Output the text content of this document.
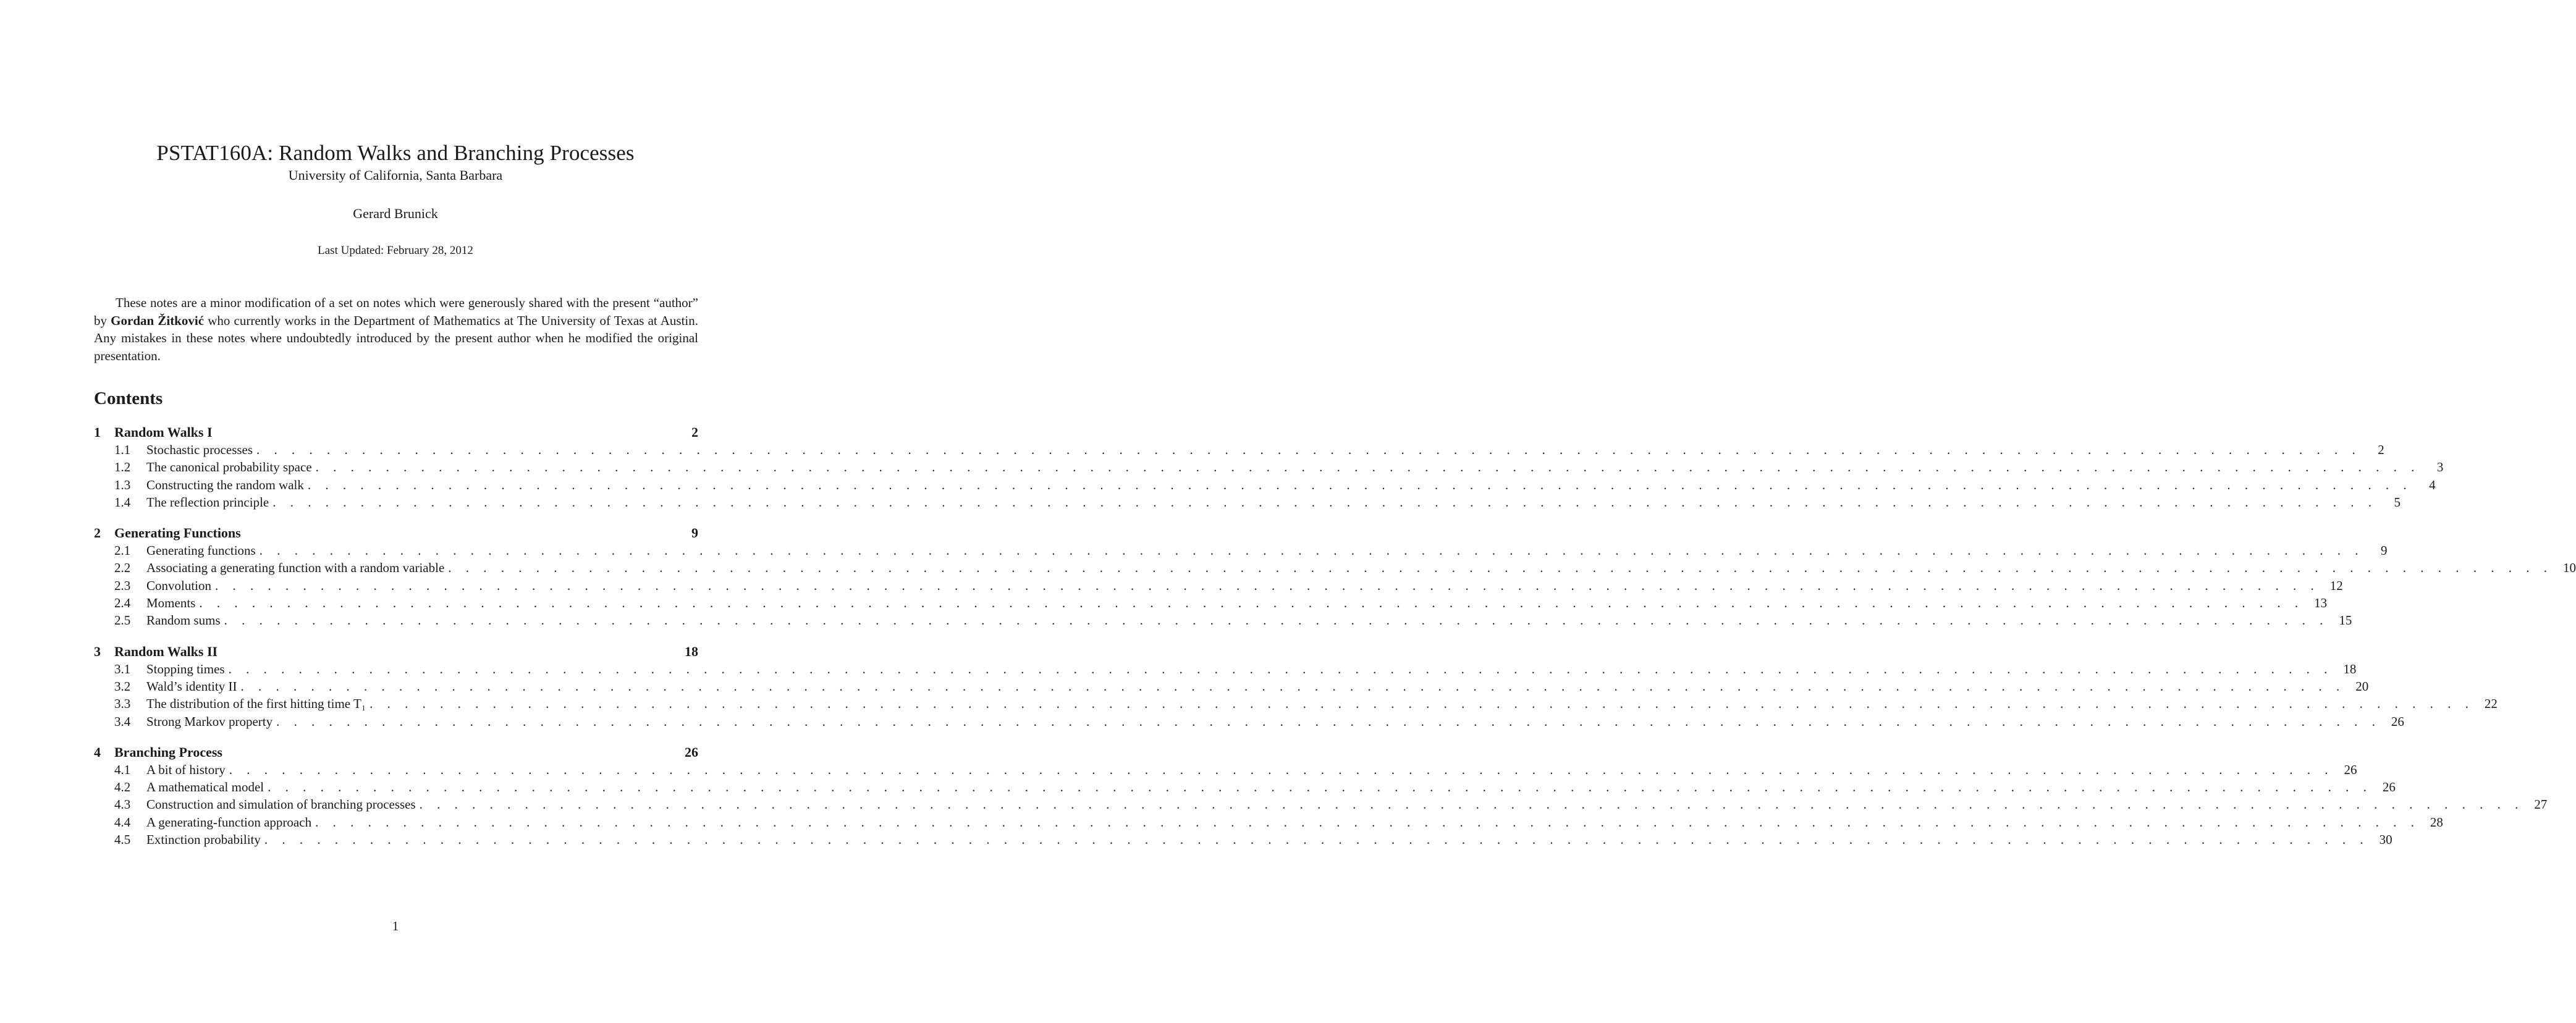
PSTAT160A: Random Walks and Branching Processes
University of California, Santa Barbara
Gerard Brunick
Last Updated: February 28, 2012

These notes are a minor modification of a set on notes which were generously shared with the present “author” by Gordan Žitković who currently works in the Department of Mathematics at The University of Texas at Austin. Any mistakes in these notes where undoubtedly introduced by the present author when he modified the original presentation.

Contents
1	Random Walks I	2
1.1	Stochastic processes . . . . . . . . . . . . . . . . . . . . . . . . . . . . . . . . . . . . . . . . . . . . . . . . . . . . . . . . . . . . . . . . . . . . . . . . . . . . . . . . . . . . . . . . . . . . . . . . . . . . . . . . . . . . . . . . . . . . . . . .	2
1.2	The canonical probability space . . . . . . . . . . . . . . . . . . . . . . . . . . . . . . . . . . . . . . . . . . . . . . . . . . . . . . . . . . . . . . . . . . . . . . . . . . . . . . . . . . . . . . . . . . . . . . . . . . . . . . . . . . . . . . . . . . . . . . . .	3
1.3	Constructing the random walk . . . . . . . . . . . . . . . . . . . . . . . . . . . . . . . . . . . . . . . . . . . . . . . . . . . . . . . . . . . . . . . . . . . . . . . . . . . . . . . . . . . . . . . . . . . . . . . . . . . . . . . . . . . . . . . . . . . . . . . .	4
1.4	The reflection principle . . . . . . . . . . . . . . . . . . . . . . . . . . . . . . . . . . . . . . . . . . . . . . . . . . . . . . . . . . . . . . . . . . . . . . . . . . . . . . . . . . . . . . . . . . . . . . . . . . . . . . . . . . . . . . . . . . . . . . . .	5
2	Generating Functions	9
2.1	Generating functions . . . . . . . . . . . . . . . . . . . . . . . . . . . . . . . . . . . . . . . . . . . . . . . . . . . . . . . . . . . . . . . . . . . . . . . . . . . . . . . . . . . . . . . . . . . . . . . . . . . . . . . . . . . . . . . . . . . . . . . .	9
2.2	Associating a generating function with a random variable . . . . . . . . . . . . . . . . . . . . . . . . . . . . . . . . . . . . . . . . . . . . . . . . . . . . . . . . . . . . . . . . . . . . . . . . . . . . . . . . . . . . . . . . . . . . . . . . . . . . . . . . . . . . . . . . . . . . . . . . 10
2.3	Convolution . . . . . . . . . . . . . . . . . . . . . . . . . . . . . . . . . . . . . . . . . . . . . . . . . . . . . . . . . . . . . . . . . . . . . . . . . . . . . . . . . . . . . . . . . . . . . . . . . . . . . . . . . . . . . . . . . . . . . . . . 12
2.4	Moments . . . . . . . . . . . . . . . . . . . . . . . . . . . . . . . . . . . . . . . . . . . . . . . . . . . . . . . . . . . . . . . . . . . . . . . . . . . . . . . . . . . . . . . . . . . . . . . . . . . . . . . . . . . . . . . . . . . . . . . . 13
2.5	Random sums . . . . . . . . . . . . . . . . . . . . . . . . . . . . . . . . . . . . . . . . . . . . . . . . . . . . . . . . . . . . . . . . . . . . . . . . . . . . . . . . . . . . . . . . . . . . . . . . . . . . . . . . . . . . . . . . . . . . . . . . 15
3	Random Walks II	18
3.1	Stopping times . . . . . . . . . . . . . . . . . . . . . . . . . . . . . . . . . . . . . . . . . . . . . . . . . . . . . . . . . . . . . . . . . . . . . . . . . . . . . . . . . . . . . . . . . . . . . . . . . . . . . . . . . . . . . . . . . . . . . . . . 18
3.2	Wald’s identity II . . . . . . . . . . . . . . . . . . . . . . . . . . . . . . . . . . . . . . . . . . . . . . . . . . . . . . . . . . . . . . . . . . . . . . . . . . . . . . . . . . . . . . . . . . . . . . . . . . . . . . . . . . . . . . . . . . . . . . . . 20
3.3	The distribution of the first hitting time T₁ . . . . . . . . . . . . . . . . . . . . . . . . . . . . . . . . . . . . . . . . . . . . . . . . . . . . . . . . . . . . . . . . . . . . . . . . . . . . . . . . . . . . . . . . . . . . . . . . . . . . . . . . . . . . . . . . . . . . . . . . 22
3.4	Strong Markov property . . . . . . . . . . . . . . . . . . . . . . . . . . . . . . . . . . . . . . . . . . . . . . . . . . . . . . . . . . . . . . . . . . . . . . . . . . . . . . . . . . . . . . . . . . . . . . . . . . . . . . . . . . . . . . . . . . . . . . . . 26
4	Branching Process	26
4.1	A bit of history . . . . . . . . . . . . . . . . . . . . . . . . . . . . . . . . . . . . . . . . . . . . . . . . . . . . . . . . . . . . . . . . . . . . . . . . . . . . . . . . . . . . . . . . . . . . . . . . . . . . . . . . . . . . . . . . . . . . . . . . 26
4.2	A mathematical model . . . . . . . . . . . . . . . . . . . . . . . . . . . . . . . . . . . . . . . . . . . . . . . . . . . . . . . . . . . . . . . . . . . . . . . . . . . . . . . . . . . . . . . . . . . . . . . . . . . . . . . . . . . . . . . . . . . . . . . . 26
4.3	Construction and simulation of branching processes . . . . . . . . . . . . . . . . . . . . . . . . . . . . . . . . . . . . . . . . . . . . . . . . . . . . . . . . . . . . . . . . . . . . . . . . . . . . . . . . . . . . . . . . . . . . . . . . . . . . . . . . . . . . . . . . . . . . . . . . 27
4.4	A generating-function approach . . . . . . . . . . . . . . . . . . . . . . . . . . . . . . . . . . . . . . . . . . . . . . . . . . . . . . . . . . . . . . . . . . . . . . . . . . . . . . . . . . . . . . . . . . . . . . . . . . . . . . . . . . . . . . . . . . . . . . . . 28
4.5	Extinction probability . . . . . . . . . . . . . . . . . . . . . . . . . . . . . . . . . . . . . . . . . . . . . . . . . . . . . . . . . . . . . . . . . . . . . . . . . . . . . . . . . . . . . . . . . . . . . . . . . . . . . . . . . . . . . . . . . . . . . . . . 30
1
